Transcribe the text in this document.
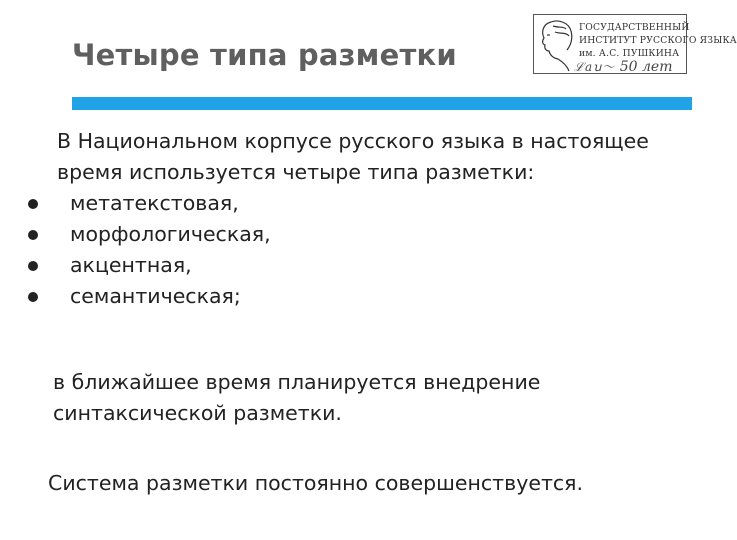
Четыре типа разметки
ГОСУДАРСТВЕННЫЙ
ИНСТИТУТ РУССКОГО ЯЗЫКА
им. А.С. ПУШКИНА
ℒaꭒ〜 50 лет
В Национальном корпусе русского языка в настоящее
время используется четыре типа разметки:
метатекстовая,
морфологическая,
акцентная,
семантическая;
в ближайшее время планируется внедрение
синтаксической разметки.
Система разметки постоянно совершенствуется.
